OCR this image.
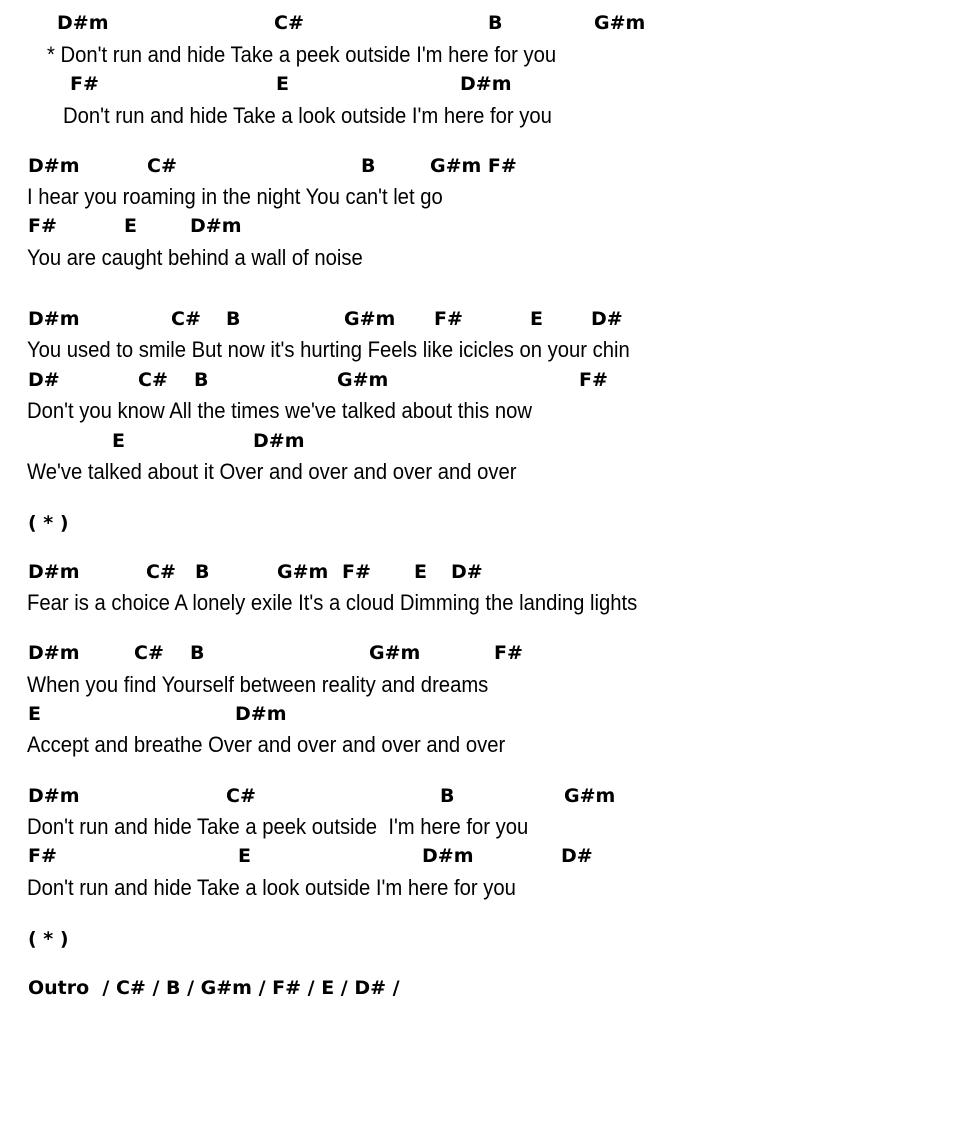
D#m

	C#

	B

	G#m

* Don't run and hide Take a peek outside I'm here for you

F#

	E

	D#m

Don't run and hide Take a look outside I'm here for you

D#m

	C#

	B

	G#m F#

I hear you roaming in the night You can't let go

F#

	E

	D#m

You are caught behind a wall of noise

D#m

	C#

B

	G#m

F#

	E

	D#

You used to smile But now it's hurting Feels like icicles on your chin

D#

	C#

B

	G#m

	F#

Don't you know All the times we've talked about this now

E

	D#m

We've talked about it Over and over and over and over
( * )

D#m

	C#

B

	G#m

F#

E

D#

Fear is a choice A lonely exile It's a cloud Dimming the landing lights

D#m

	C#

B

	G#m

	F#

When you find Yourself between reality and dreams

E

	D#m

Accept and breathe Over and over and over and over

D#m

	C#

	B

	G#m

Don't run and hide Take a peek outside  I'm here for you

F#

	E

	D#m

	D#

Don't run and hide Take a look outside I'm here for you
( * )
Outro  / C# / B / G#m / F# / E / D# /
